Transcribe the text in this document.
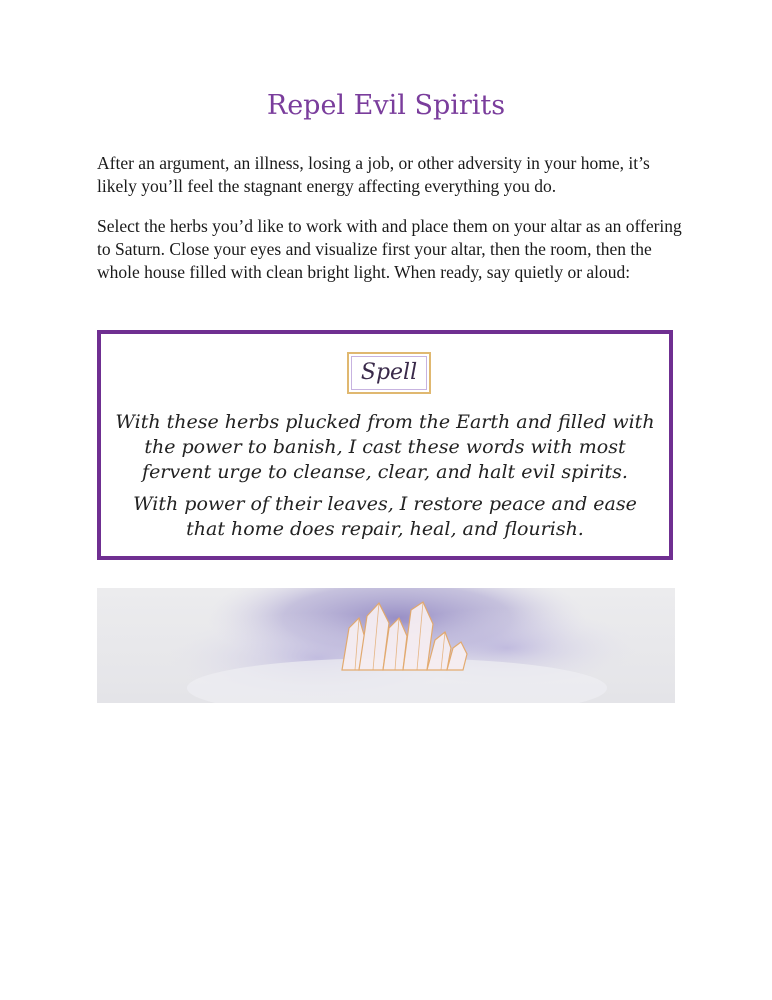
Repel Evil Spirits

After an argument, an illness, losing a job, or other adversity in your home, it’s likely you’ll feel the stagnant energy affecting everything you do.

Select the herbs you’d like to work with and place them on your altar as an offering to Saturn. Close your eyes and visualize first your altar, then the room, then the whole house filled with clean bright light. When ready, say quietly or aloud:

Spell

With these herbs plucked from the Earth and filled with the power to banish, I cast these words with most fervent urge to cleanse, clear, and halt evil spirits.

With power of their leaves, I restore peace and ease that home does repair, heal, and flourish.
